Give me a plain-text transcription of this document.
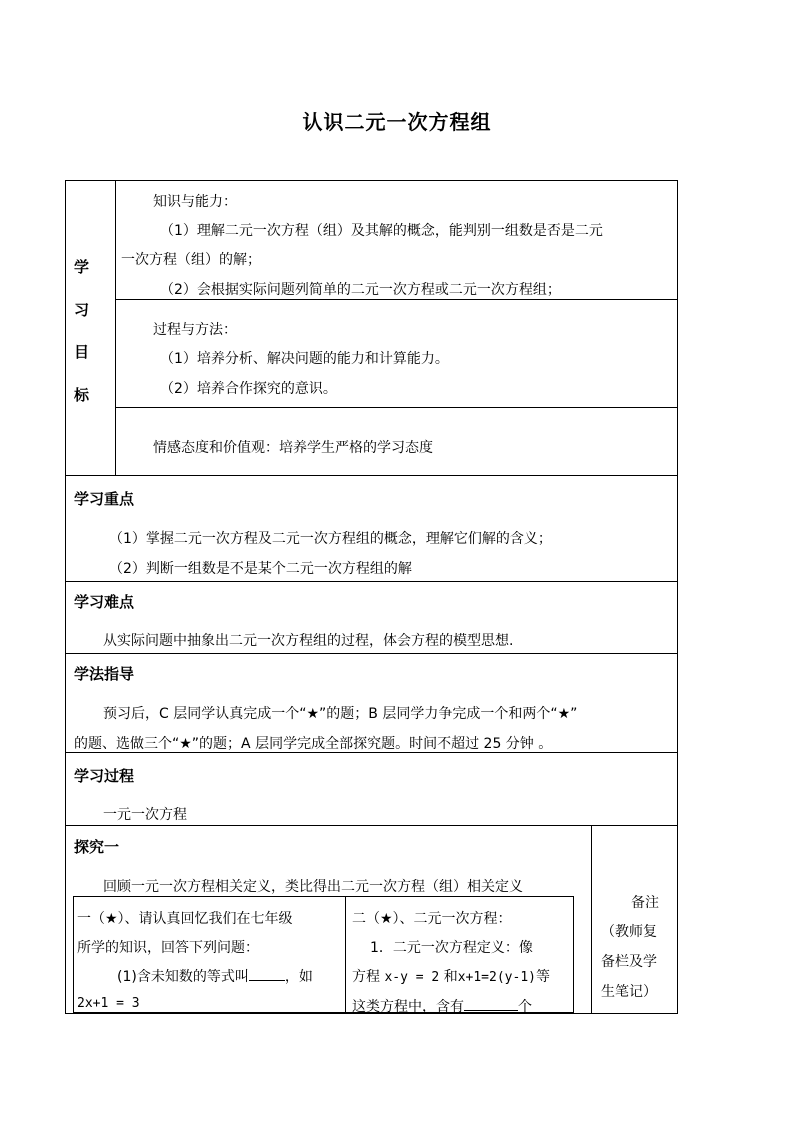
认识二元一次方程组
学
习
目
标
知识与能力：
（1）理解二元一次方程（组）及其解的概念，能判别一组数是否是二元
一次方程（组）的解；
（2）会根据实际问题列简单的二元一次方程或二元一次方程组；
过程与方法：
（1）培养分析、解决问题的能力和计算能力。
（2）培养合作探究的意识。
情感态度和价值观：培养学生严格的学习态度
学习重点
（1）掌握二元一次方程及二元一次方程组的概念，理解它们解的含义；
（2）判断一组数是不是某个二元一次方程组的解
学习难点
从实际问题中抽象出二元一次方程组的过程，体会方程的模型思想.
学法指导
预习后，C 层同学认真完成一个“★”的题；B 层同学力争完成一个和两个“★”
的题、选做三个“★”的题；A 层同学完成全部探究题。时间不超过 25 分钟 。
学习过程
一元一次方程
探究一
回顾一元一次方程相关定义，类比得出二元一次方程（组）相关定义
一（★）、请认真回忆我们在七年级
所学的知识，回答下列问题：
(1)含未知数的等式叫	，如
2x+1 = 3
二（★）、二元一次方程：
1．二元一次方程定义：像
方程 x-y = 2 和x+1=2(y-1)等
这类方程中，含有	个
备注
（教师复
备栏及学
生笔记）
